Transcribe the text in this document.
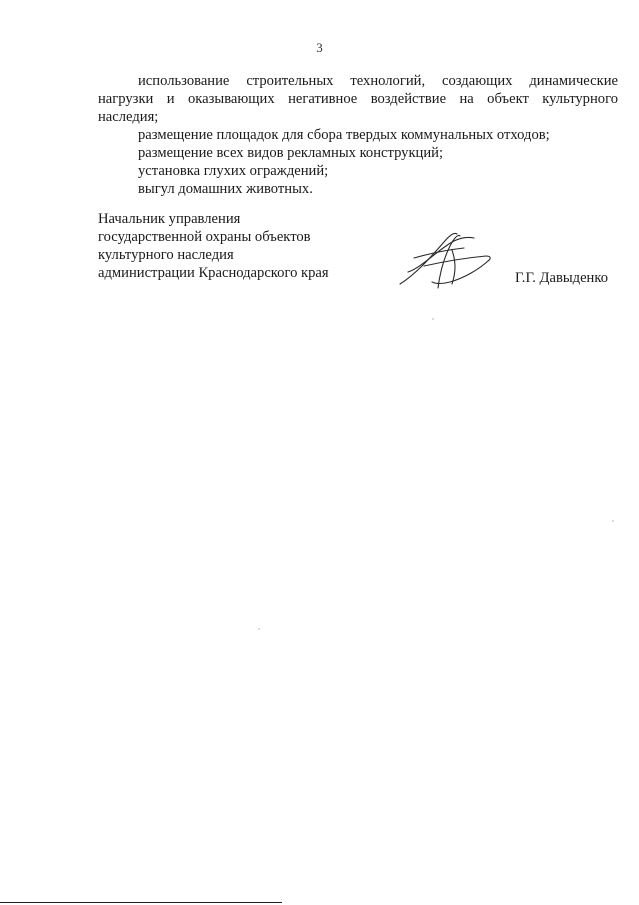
3

использование строительных технологий, создающих динамические

нагрузки и оказывающих негативное воздействие на объект культурного

наследия;

размещение площадок для сбора твердых коммунальных отходов;

размещение всех видов рекламных конструкций;

установка глухих ограждений;

выгул домашних животных.

Начальник управления

государственной охраны объектов

культурного наследия

администрации Краснодарского края	Г.Г. Давыденко
